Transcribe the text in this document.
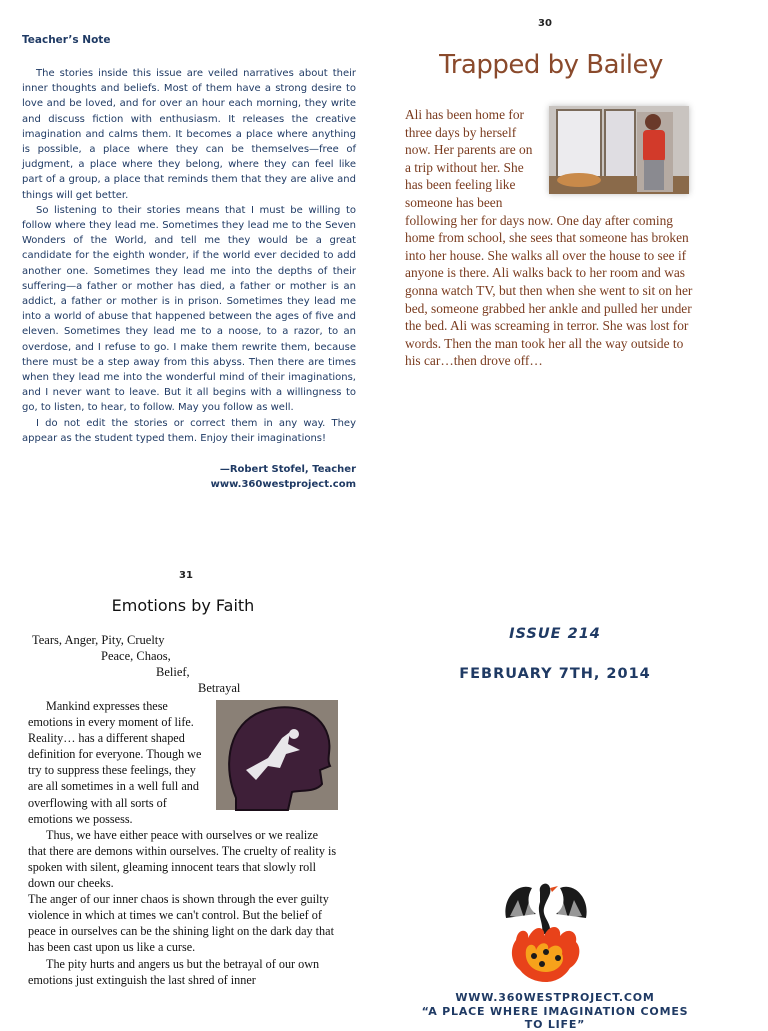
Teacher’s Note

The stories inside this issue are veiled narratives about their inner thoughts and beliefs. Most of them have a strong desire to love and be loved, and for over an hour each morning, they write and discuss fiction with enthusiasm. It releases the creative imagination and calms them. It becomes a place where anything is possible, a place where they can be themselves—free of judgment, a place where they belong, where they can feel like part of a group, a place that reminds them that they are alive and things will get better.

So listening to their stories means that I must be willing to follow where they lead me. Sometimes they lead me to the Seven Wonders of the World, and tell me they would be a great candidate for the eighth wonder, if the world ever decided to add another one. Sometimes they lead me into the depths of their suffering—a father or mother has died, a father or mother is an addict, a father or mother is in prison. Sometimes they lead me into a world of abuse that happened between the ages of five and eleven. Sometimes they lead me to a noose, to a razor, to an overdose, and I refuse to go. I make them rewrite them, because there must be a step away from this abyss. Then there are times when they lead me into the wonderful mind of their imaginations, and I never want to leave. But it all begins with a willingness to go, to listen, to hear, to follow. May you follow as well.

I do not edit the stories or correct them in any way. They appear as the student typed them. Enjoy their imaginations!

—Robert Stofel, Teacher
www.360westproject.com
30
Trapped by Bailey
Ali has been home for three days by herself now. Her parents are on a trip without her. She has been feeling like someone has been following her for days now. One day after coming home from school, she sees that someone has broken into her house. She walks all over the house to see if anyone is there. Ali walks back to her room and was gonna watch TV, but then when she went to sit on her bed, someone grabbed her ankle and pulled her under the bed. Ali was screaming in terror. She was lost for words. Then the man took her all the way outside to his car…then drove off…
31
Emotions by Faith
Tears, Anger, Pity, Cruelty
Peace, Chaos,
Belief,
Betrayal

Mankind expresses these emotions in every moment of life. Reality… has a different shaped definition for everyone. Though we try to suppress these feelings, they are all sometimes in a well full and overflowing with all sorts of emotions we possess.

Thus, we have either peace with ourselves or we realize that there are demons within ourselves. The cruelty of reality is spoken with silent, gleaming innocent tears that slowly roll down our cheeks.

The anger of our inner chaos is shown through the ever guilty violence in which at times we can't control. But the belief of peace in ourselves can be the shining light on the dark day that has been cast upon us like a curse.

The pity hurts and angers us but the betrayal of our own emotions just extinguish the last shred of inner

ISSUE 214
FEBRUARY 7TH, 2014
WWW.360WESTPROJECT.COM
“A PLACE WHERE IMAGINATION COMES TO LIFE”
